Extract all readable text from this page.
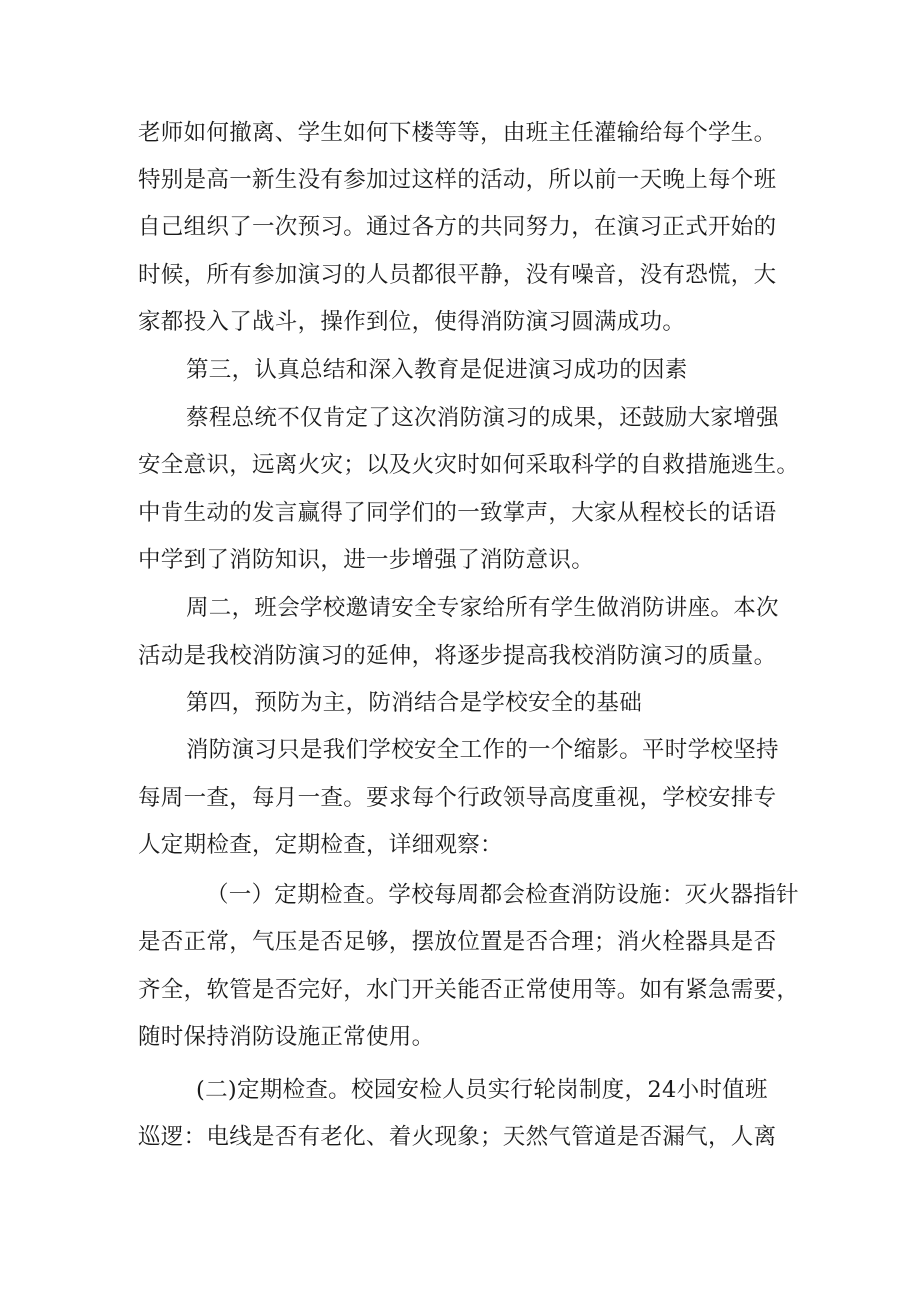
老师如何撤离、学生如何下楼等等，由班主任灌输给每个学生。
特别是高一新生没有参加过这样的活动，所以前一天晚上每个班
自己组织了一次预习。通过各方的共同努力，在演习正式开始的
时候，所有参加演习的人员都很平静，没有噪音，没有恐慌，大
家都投入了战斗，操作到位，使得消防演习圆满成功。
第三，认真总结和深入教育是促进演习成功的因素
蔡程总统不仅肯定了这次消防演习的成果，还鼓励大家增强
安全意识，远离火灾；以及火灾时如何采取科学的自救措施逃生。
中肯生动的发言赢得了同学们的一致掌声，大家从程校长的话语
中学到了消防知识，进一步增强了消防意识。
周二，班会学校邀请安全专家给所有学生做消防讲座。本次
活动是我校消防演习的延伸，将逐步提高我校消防演习的质量。
第四，预防为主，防消结合是学校安全的基础
消防演习只是我们学校安全工作的一个缩影。平时学校坚持
每周一查，每月一查。要求每个行政领导高度重视，学校安排专
人定期检查，定期检查，详细观察：
（一）定期检查。学校每周都会检查消防设施：灭火器指针
是否正常，气压是否足够，摆放位置是否合理；消火栓器具是否
齐全，软管是否完好，水门开关能否正常使用等。如有紧急需要，
随时保持消防设施正常使用。
(二)定期检查。校园安检人员实行轮岗制度，24小时值班
巡逻：电线是否有老化、着火现象；天然气管道是否漏气，人离
